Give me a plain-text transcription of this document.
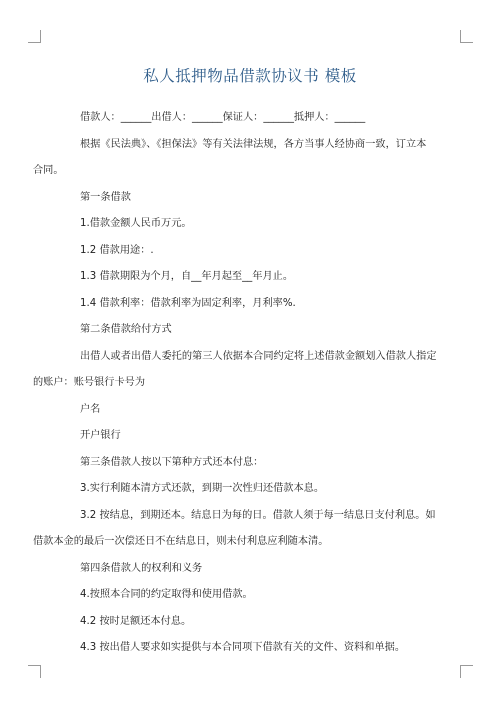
私人抵押物品借款协议书 模板

借款人：______出借人：______保证人：______抵押人：______

根据《民法典》、《担保法》等有关法律法规，各方当事人经协商一致，订立本

合同。

第一条借款

1.借款金额人民币万元。

1.2 借款用途：.

1.3 借款期限为个月，自__年月起至__年月止。

1.4 借款利率：借款利率为固定利率，月利率%.

第二条借款给付方式

出借人或者出借人委托的第三人依据本合同约定将上述借款金额划入借款人指定

的账户：账号银行卡号为

户名

开户银行

第三条借款人按以下第种方式还本付息：

3.实行利随本清方式还款，到期一次性归还借款本息。

3.2 按结息，到期还本。结息日为每的日。借款人须于每一结息日支付利息。如

借款本金的最后一次偿还日不在结息日，则未付利息应利随本清。

第四条借款人的权利和义务

4.按照本合同的约定取得和使用借款。

4.2 按时足额还本付息。

4.3 按出借人要求如实提供与本合同项下借款有关的文件、资料和单据。
